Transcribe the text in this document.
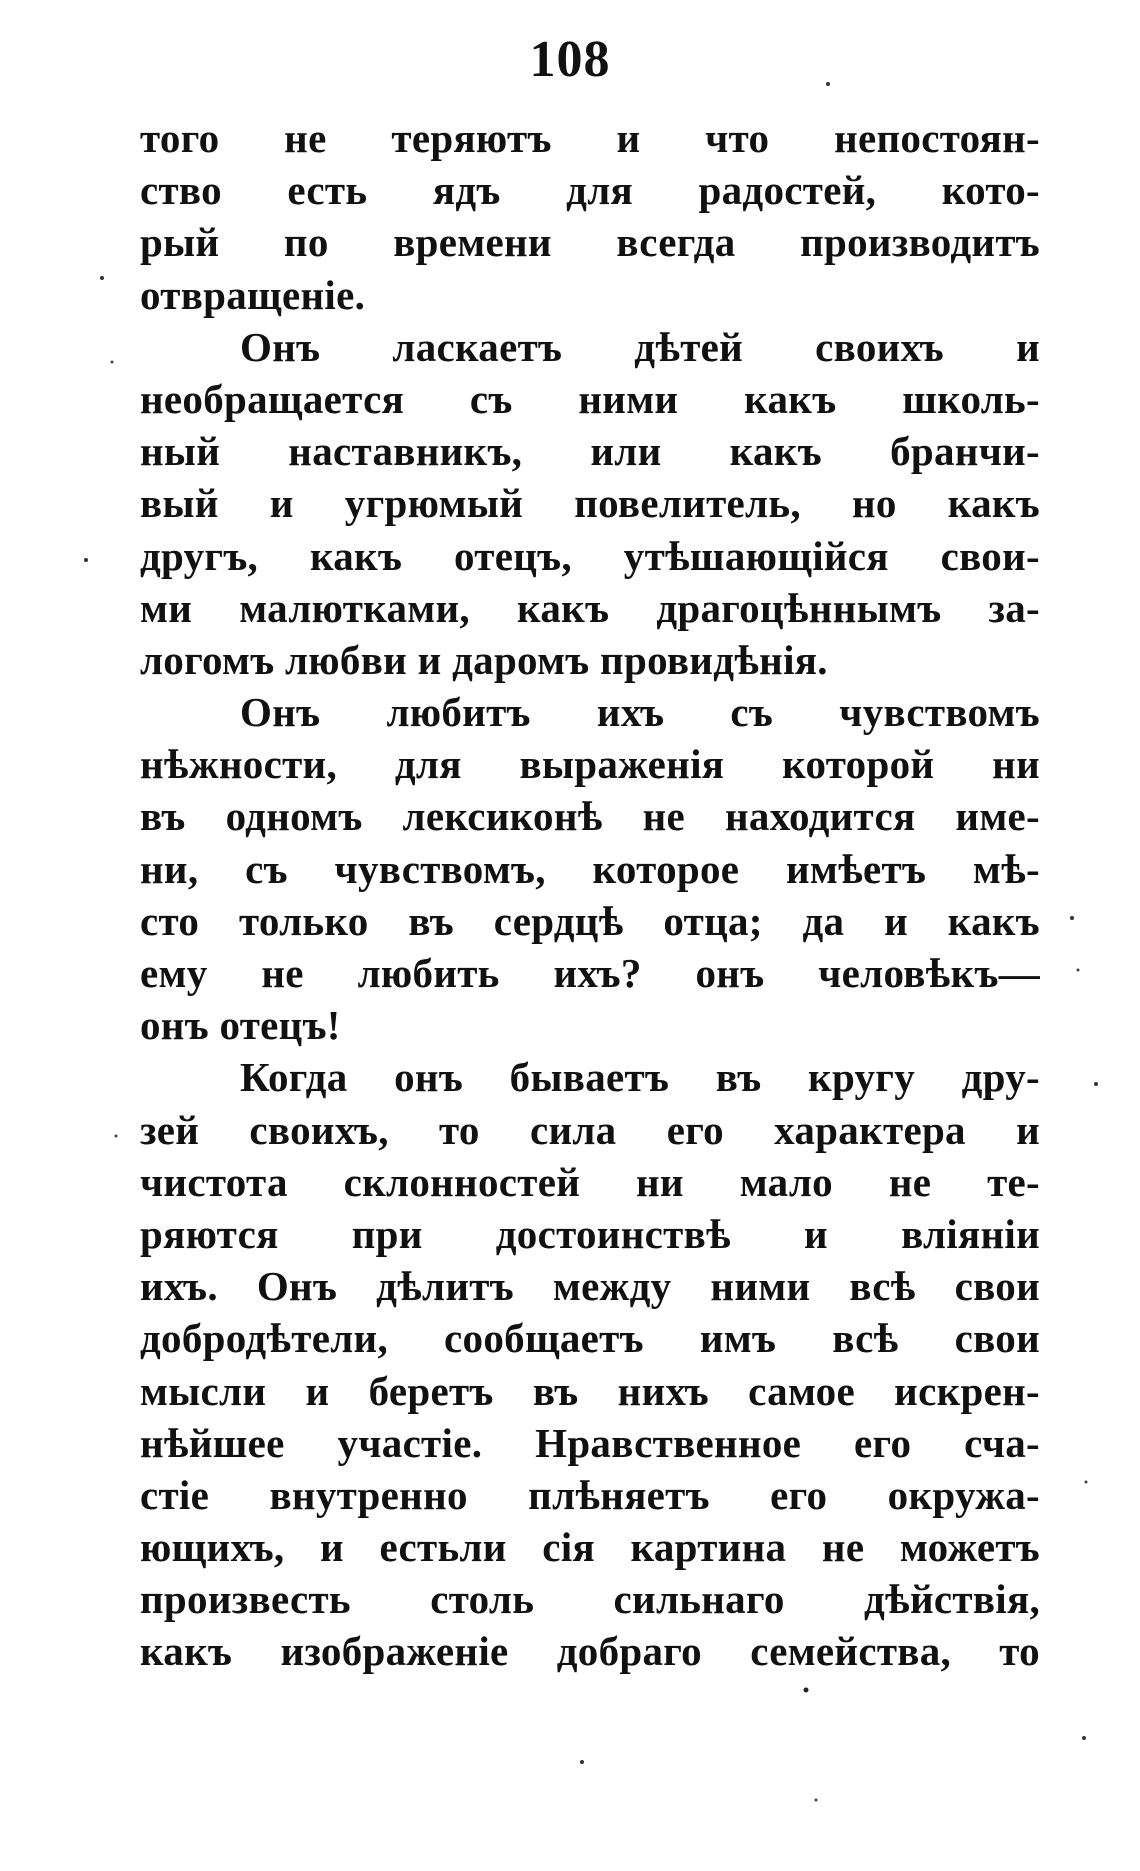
108
того не теряютъ и что непостоян-
ство есть ядъ для радостей, кото-
рый по времени всегда производитъ
отвращеніе.
Онъ ласкаетъ дѣтей своихъ и
необращается съ ними какъ школь-
ный наставникъ, или какъ бранчи-
вый и угрюмый повелитель, но какъ
другъ, какъ отецъ, утѣшающійся свои-
ми малютками, какъ драгоцѣннымъ за-
логомъ любви и даромъ провидѣнія.
Онъ любитъ ихъ съ чувствомъ
нѣжности, для выраженія которой ни
въ одномъ лексиконѣ не находится име-
ни, съ чувствомъ, которое имѣетъ мѣ-
сто только въ сердцѣ отца; да и какъ
ему не любить ихъ? онъ человѣкъ—
онъ отецъ!
Когда онъ бываетъ въ кругу дру-
зей своихъ, то сила его характера и
чистота склонностей ни мало не те-
ряются при достоинствѣ и вліяніи
ихъ. Онъ дѣлитъ между ними всѣ свои
добродѣтели, сообщаетъ имъ всѣ свои
мысли и беретъ въ нихъ самое искрен-
нѣйшее участіе. Нравственное его сча-
стіе внутренно плѣняетъ его окружа-
ющихъ, и естьли сія картина не можетъ
произвесть столь сильнаго дѣйствія,
какъ изображеніе добраго семейства, то
